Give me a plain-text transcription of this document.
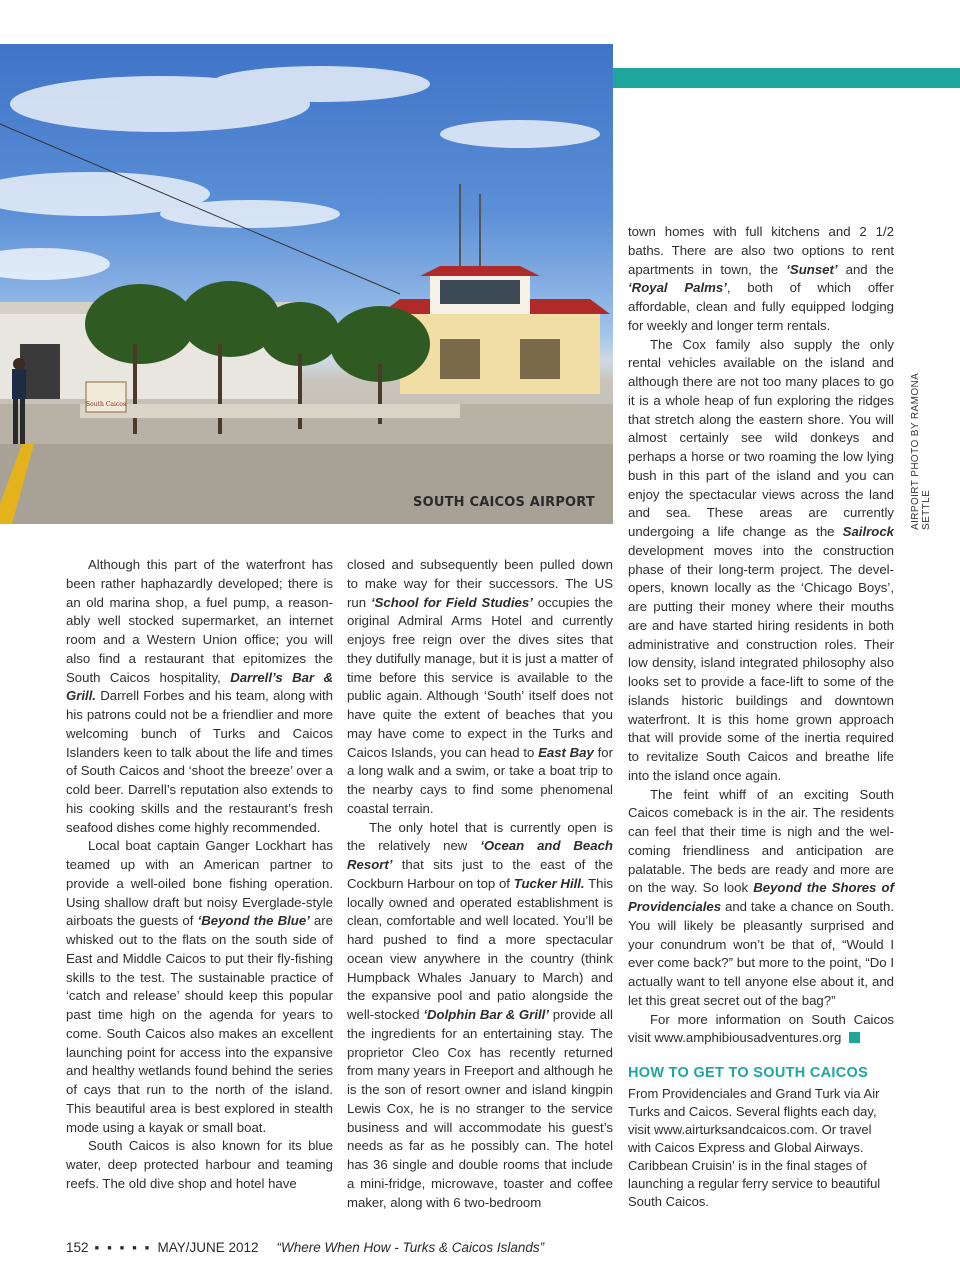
South Caicos
SOUTH CAICOS AIRPORT	AIRPOIRT PHOTO BY RAMONA SETTLE

Although this part of the waterfront has been rather haphazardly developed; there is an old marina shop, a fuel pump, a reasonably well stocked supermarket, an internet room and a Western Union office; you will also find a restaurant that epitomizes the South Caicos hospitality, Darrell’s Bar & Grill. Darrell Forbes and his team, along with his patrons could not be a friendlier and more welcoming bunch of Turks and Caicos Islanders keen to talk about the life and times of South Caicos and ‘shoot the breeze’ over a cold beer. Darrell’s reputation also extends to his cooking skills and the restaurant’s fresh seafood dishes come highly recommended.

Local boat captain Ganger Lockhart has teamed up with an American partner to provide a well-oiled bone fishing operation. Using shallow draft but noisy Everglade-style airboats the guests of ‘Beyond the Blue’ are whisked out to the flats on the south side of East and Middle Caicos to put their fly-fishing skills to the test. The sustainable practice of ‘catch and release’ should keep this popular past time high on the agenda for years to come. South Caicos also makes an excellent launching point for access into the expansive and healthy wetlands found behind the series of cays that run to the north of the island. This beautiful area is best explored in stealth mode using a kayak or small boat.

South Caicos is also known for its blue water, deep protected harbour and teaming reefs. The old dive shop and hotel have

closed and subsequently been pulled down to make way for their successors. The US run ‘School for Field Studies’ occupies the original Admiral Arms Hotel and currently enjoys free reign over the dives sites that they dutifully manage, but it is just a matter of time before this service is available to the public again. Although ‘South’ itself does not have quite the extent of beaches that you may have come to expect in the Turks and Caicos Islands, you can head to East Bay for a long walk and a swim, or take a boat trip to the nearby cays to find some phenomenal coastal terrain.

The only hotel that is currently open is the relatively new ‘Ocean and Beach Resort’ that sits just to the east of the Cockburn Harbour on top of Tucker Hill. This locally owned and operated establishment is clean, comfortable and well located. You’ll be hard pushed to find a more spectacular ocean view anywhere in the country (think Humpback Whales January to March) and the expansive pool and patio alongside the well-stocked ‘Dolphin Bar & Grill’ provide all the ingredients for an entertaining stay. The proprietor Cleo Cox has recently returned from many years in Freeport and although he is the son of resort owner and island kingpin Lewis Cox, he is no stranger to the service business and will accommodate his guest’s needs as far as he possibly can. The hotel has 36 single and double rooms that include a mini-fridge, microwave, toaster and coffee maker, along with 6 two-bedroom

town homes with full kitchens and 2 1/2 baths. There are also two options to rent apartments in town, the ‘Sunset’ and the ‘Royal Palms’, both of which offer affordable, clean and fully equipped lodging for weekly and longer term rentals.

The Cox family also supply the only rental vehicles available on the island and although there are not too many places to go it is a whole heap of fun exploring the ridges that stretch along the eastern shore. You will almost certainly see wild donkeys and perhaps a horse or two roaming the low lying bush in this part of the island and you can enjoy the spectacular views across the land and sea. These areas are currently undergoing a life change as the Sailrock development moves into the construction phase of their long-term project. The developers, known locally as the ‘Chicago Boys’, are putting their money where their mouths are and have started hiring residents in both administrative and construction roles. Their low density, island integrated philosophy also looks set to provide a face-lift to some of the islands historic buildings and downtown waterfront. It is this home grown approach that will provide some of the inertia required to revitalize South Caicos and breathe life into the island once again.

The feint whiff of an exciting South Caicos comeback is in the air. The residents can feel that their time is nigh and the welcoming friendliness and anticipation are palatable. The beds are ready and more are on the way. So look Beyond the Shores of Providenciales and take a chance on South. You will likely be pleasantly surprised and your conundrum won’t be that of, “Would I ever come back?” but more to the point, “Do I actually want to tell anyone else about it, and let this great secret out of the bag?”

For more information on South Caicos visit www.amphibiousadventures.org

HOW TO GET TO SOUTH CAICOS
From Providenciales and Grand Turk via Air Turks and Caicos. Several flights each day, visit www.airturksandcaicos.com. Or travel with Caicos Express and Global Airways. Caribbean Cruisin’ is in the final stages of launching a regular ferry service to beautiful South Caicos.
152 ▪ ▪ ▪ ▪ ▪ MAY/JUNE 2012 “Where When How - Turks & Caicos Islands”
